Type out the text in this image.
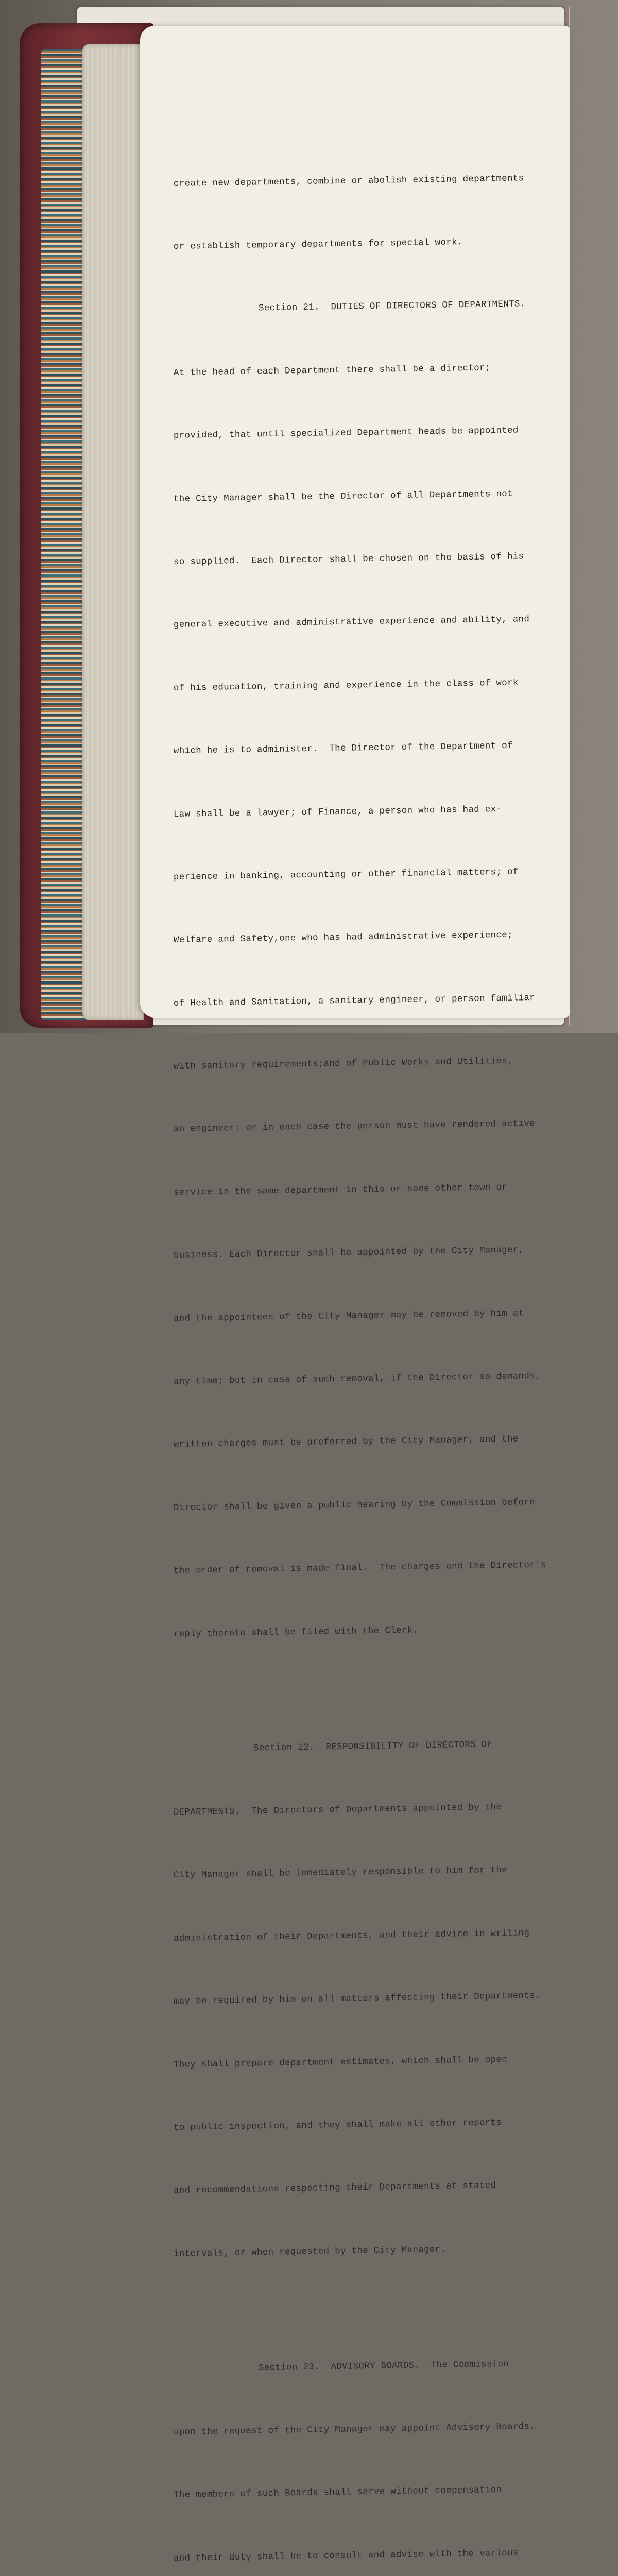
create new departments, combine or abolish existing departments

or establish temporary departments for special work.

Section 21.  DUTIES OF DIRECTORS OF DEPARTMENTS.

At the head of each Department there shall be a director;

provided, that until specialized Department heads be appointed

the City Manager shall be the Director of all Departments not

so supplied.  Each Director shall be chosen on the basis of his

general executive and administrative experience and ability, and

of his education, training and experience in the class of work

which he is to administer.  The Director of the Department of

Law shall be a lawyer; of Finance, a person who has had ex-

perience in banking, accounting or other financial matters; of

Welfare and Safety,one who has had administrative experience;

of Health and Sanitation, a sanitary engineer, or person familiar

with sanitary requirements;and of Public Works and Utilities,

an engineer: or in each case the person must have rendered active

service in the same department in this or some other town or

business. Each Director shall be appointed by the City Manager,

and the appointees of the City Manager may be removed by him at

any time; but in case of such removal, if the Director so demands,

written charges must be preferred by the City Manager, and the

Director shall be given a public hearing by the Commission before

the order of removal is made final.  The charges and the Director's

reply thereto shall be filed with the Clerk.

Section 22.  RESPONSIBILITY OF DIRECTORS OF

DEPARTMENTS.  The Directors of Departments appointed by the

City Manager shall be immediately responsible to him for the

administration of their Departments, and their advice in writing

may be required by him on all matters affecting their Departments.

They shall prepare department estimates, which shall be open

to public inspection, and they shall make all other reports

and recommendations respecting their Departments at stated

intervals, or when requested by the City Manager.

Section 23.  ADVISORY BOARDS.  The Commission

upon the request of the City Manager may appoint Advisory Boards.

The members of such Boards shall serve without compensation

and their duty shall be to consult and advise with the various
